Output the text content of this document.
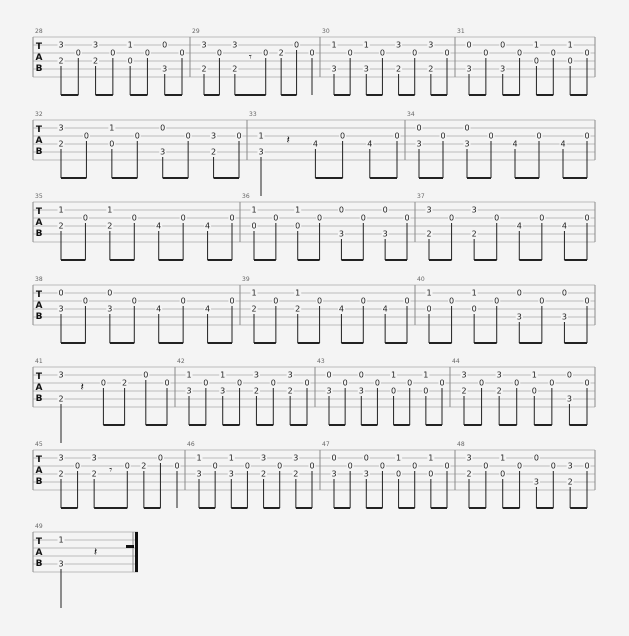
T
A
B
28
3
2
0
3
2
0
1
0
0
0
3
0
29
3
2
0
3
2
𝄾 0 2
0
0
30
1
3
0
1
3
0
3
2
0
3
2
0
31
0
3
0
0
3
0
1
0
0
1
0
0
T
A
B
32
3
2
0
1
0
0
0
3
0	3
2
0
33
1
3
𝄽	4
0
4
0
34
0
3
0
0
3
0
4
0
4
0
T
A
B
35
1
2
0
1
2
0
4
0
4
0
36
1
0
0
1
0
0
0
3
0
0
3
0
37
3
2
0
3
2
0
4
0
4
0
T
A
B
38
0
3
0
0
3
0
4
0
4
0
39
1
2
0
1
2
0
4
0
4
0
40
1
0
0
1
0
0
0
3
0
0
3
0
T
A
B
41
3
2
𝄽 0 2
0
0
42
1
3
0
1
3
0
3
2
0
3
2
0
43
0
3
0
0
3
0
1
0
0
1
0
0
44
3
2
0
3
2
0
1
0
0
0
3
0
T
A
B
45
3
2
0
3
2 𝄾 0 2
0
0
46
1
3
0
1
3
0
3
2
0
3
2
0
47
0
3
0
0
3
0
1
0
0
1
0
0
48
3
2
0
1
0
0
0
3
0 3
2
0
T
A
B
49
1
3
𝄽
